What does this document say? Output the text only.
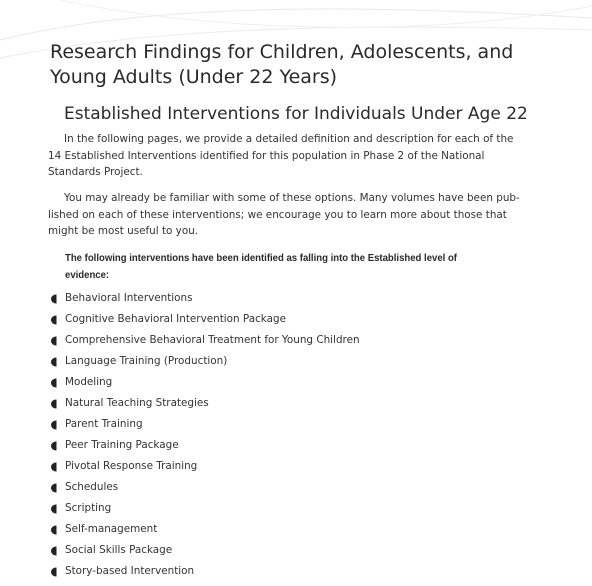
Research Findings for Children, Adolescents, and Young Adults (Under 22 Years)
Established Interventions for Individuals Under Age 22

In the following pages, we provide a detailed definition and description for each of the 14 Established Interventions identified for this population in Phase 2 of the National Standards Project.

You may already be familiar with some of these options. Many volumes have been pub-lished on each of these interventions; we encourage you to learn more about those that might be most useful to you.

The following interventions have been identified as falling into the Established level of evidence:

Behavioral Interventions
Cognitive Behavioral Intervention Package
Comprehensive Behavioral Treatment for Young Children
Language Training (Production)
Modeling
Natural Teaching Strategies
Parent Training
Peer Training Package
Pivotal Response Training
Schedules
Scripting
Self-management
Social Skills Package
Story-based Intervention
